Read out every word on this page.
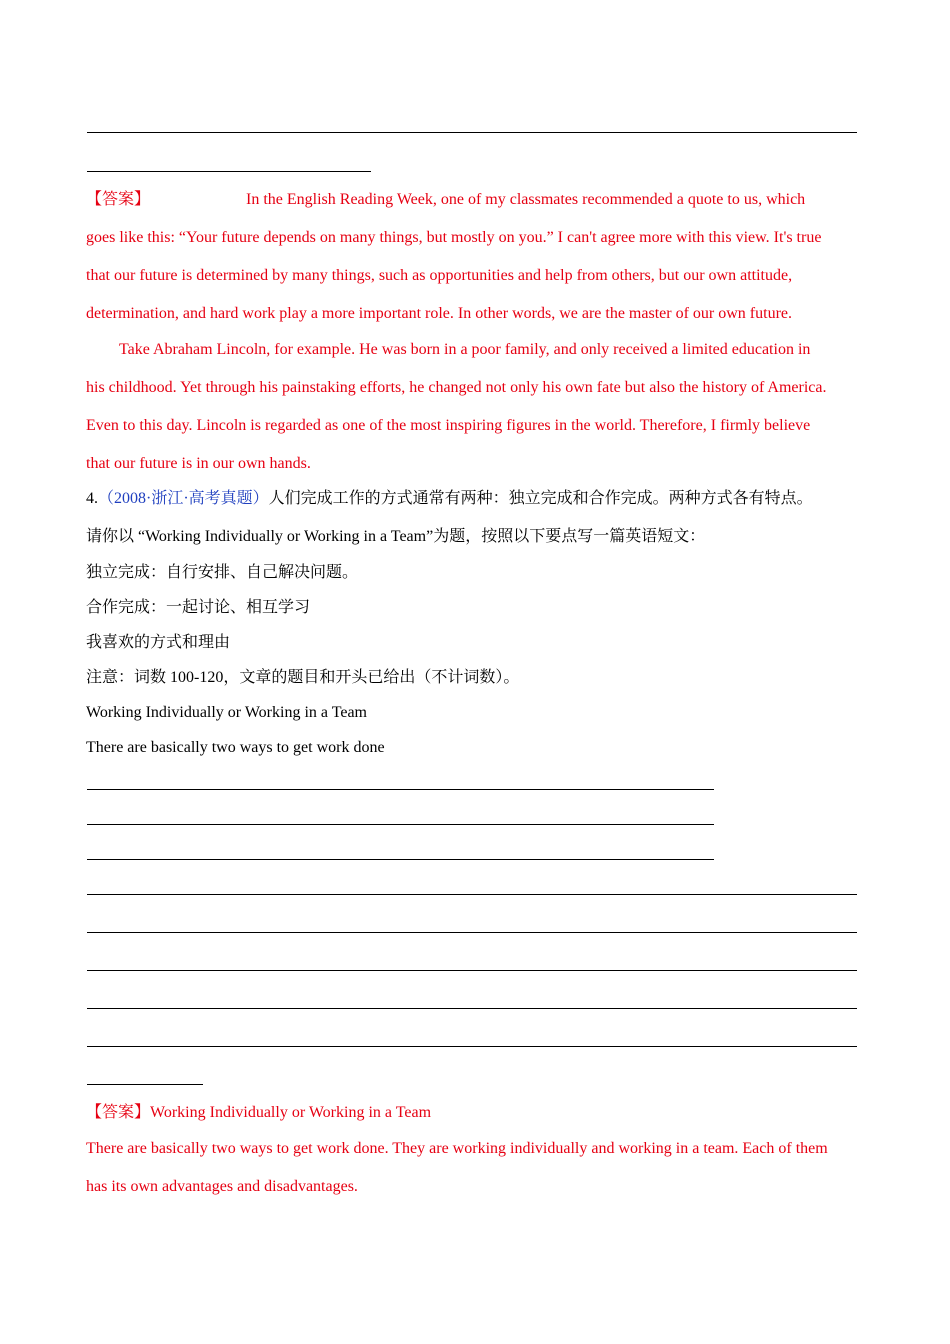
【答案】	In the English Reading Week, one of my classmates recommended a quote to us, which
goes like this: “Your future depends on many things, but mostly on you.” I can't agree more with this view. It's true
that our future is determined by many things, such as opportunities and help from others, but our own attitude,
determination, and hard work play a more important role. In other words, we are the master of our own future.
Take Abraham Lincoln, for example. He was born in a poor family, and only received a limited education in
his childhood. Yet through his painstaking efforts, he changed not only his own fate but also the history of America.
Even to this day. Lincoln is regarded as one of the most inspiring figures in the world. Therefore, I firmly believe
that our future is in our own hands.
4.（2008·浙江·高考真题）人们完成工作的方式通常有两种：独立完成和合作完成。两种方式各有特点。
请你以 “Working Individually or Working in a Team”为题，按照以下要点写一篇英语短文：
独立完成：自行安排、自己解决问题。
合作完成：一起讨论、相互学习
我喜欢的方式和理由
注意：词数 100-120，文章的题目和开头已给出（不计词数）。
Working Individually or Working in a Team
There are basically two ways to get work done
【答案】Working Individually or Working in a Team
There are basically two ways to get work done. They are working individually and working in a team. Each of them
has its own advantages and disadvantages.
